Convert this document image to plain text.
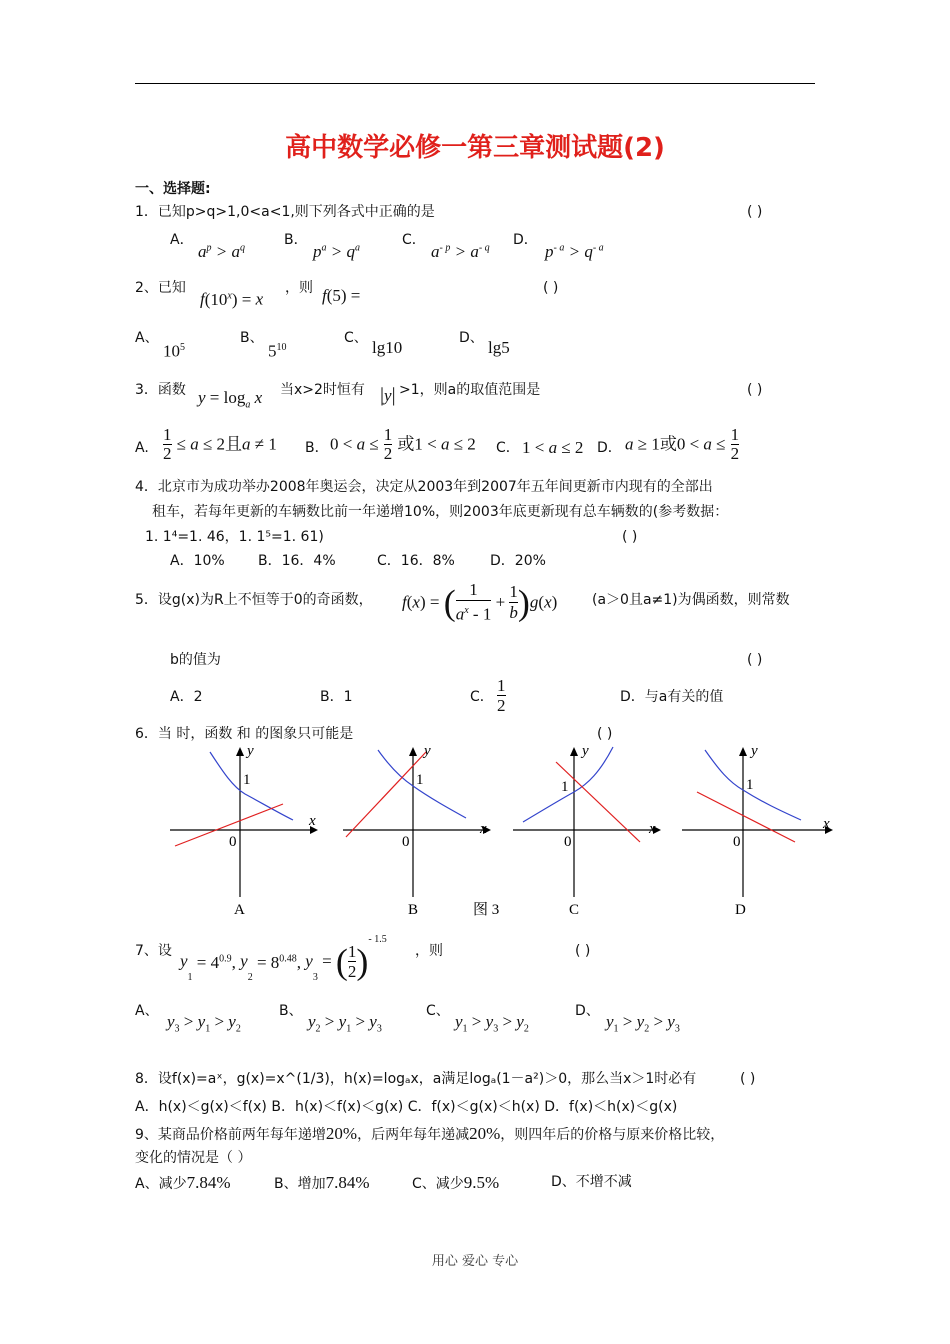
高中数学必修一第三章测试题(2)
一、选择题:
1．已知p>q>1,0<a<1,则下列各式中正确的是	( )
A．
$a^p > a^q$	B．
$p^a > q^a$	C．
$a^{- p} > a^{- q}$ D．
$p^{- a} > q^{- a}$
2、已知
$f(10^x) = x$
，则 f(5) =	( )
A、
$10^5$
B、
$5^{10}$
C、 lg10	D、 lg5
3．函数 $y = \log_a x$ 当x>2时恒有 |y| >1，则a的取值范围是	( )
A. $\frac{1}{2} \le a \le 2$且a ≠ 1 B． $0 < a \le \frac{1}{2}$ 或1 < a ≤ 2 C． 1 < a ≤ 2 D． a ≥ 1或$0 < a \le \frac{1}{2}$
4．北京市为成功举办2008年奥运会，决定从2003年到2007年五年间更新市内现有的全部出
租车，若每年更新的车辆数比前一年递增10%，则2003年底更新现有总车辆数的(参考数据：
1. 1⁴=1. 46，1. 1⁵=1. 61)	( )
A．10% B．16．4%	C．16．8%	D．20%
5．设g(x)为R上不恒等于0的奇函数， f(x) = ( $\frac{1}{a^x - 1} + \frac{1}{b} )g(x)$ (a＞0且a≠1)为偶函数，则常数
b的值为	( )
A．2	B．1	C． $\frac{1}{2}$	D．与a有关的值
6．当 时，函数 和 的图象只可能是	( )
y
1
x
0
A
y
1
x
0
B	图 3
y
1
x
0
C
y
1
x
0
D
7、设
$y_1 = 4^{0.9}$, $y_2 = 8^{0.48}$, $y_3$ = ( $\frac{1}{2} )^{- 1.5}$
，则	( )
A、
$y_3 > y_1 > y_2$
B、
$y_2 > y_1 > y_3$
C、
$y_1 > y_3 > y_2$
D、
$y_1 > y_2 > y_3$
8．设f(x)=aˣ，g(x)=x^(1/3)，h(x)=logₐx，a满足logₐ(1－a²)＞0，那么当x＞1时必有	( )
A．h(x)＜g(x)＜f(x) B．h(x)＜f(x)＜g(x) C．f(x)＜g(x)＜h(x) D．f(x)＜h(x)＜g(x)
9、某商品价格前两年每年递增20%，后两年每年递减20%，则四年后的价格与原来价格比较，
变化的情况是（ ）
A、减少7.84%	B、增加7.84%	C、减少9.5%	D、不增不减
用心 爱心 专心
